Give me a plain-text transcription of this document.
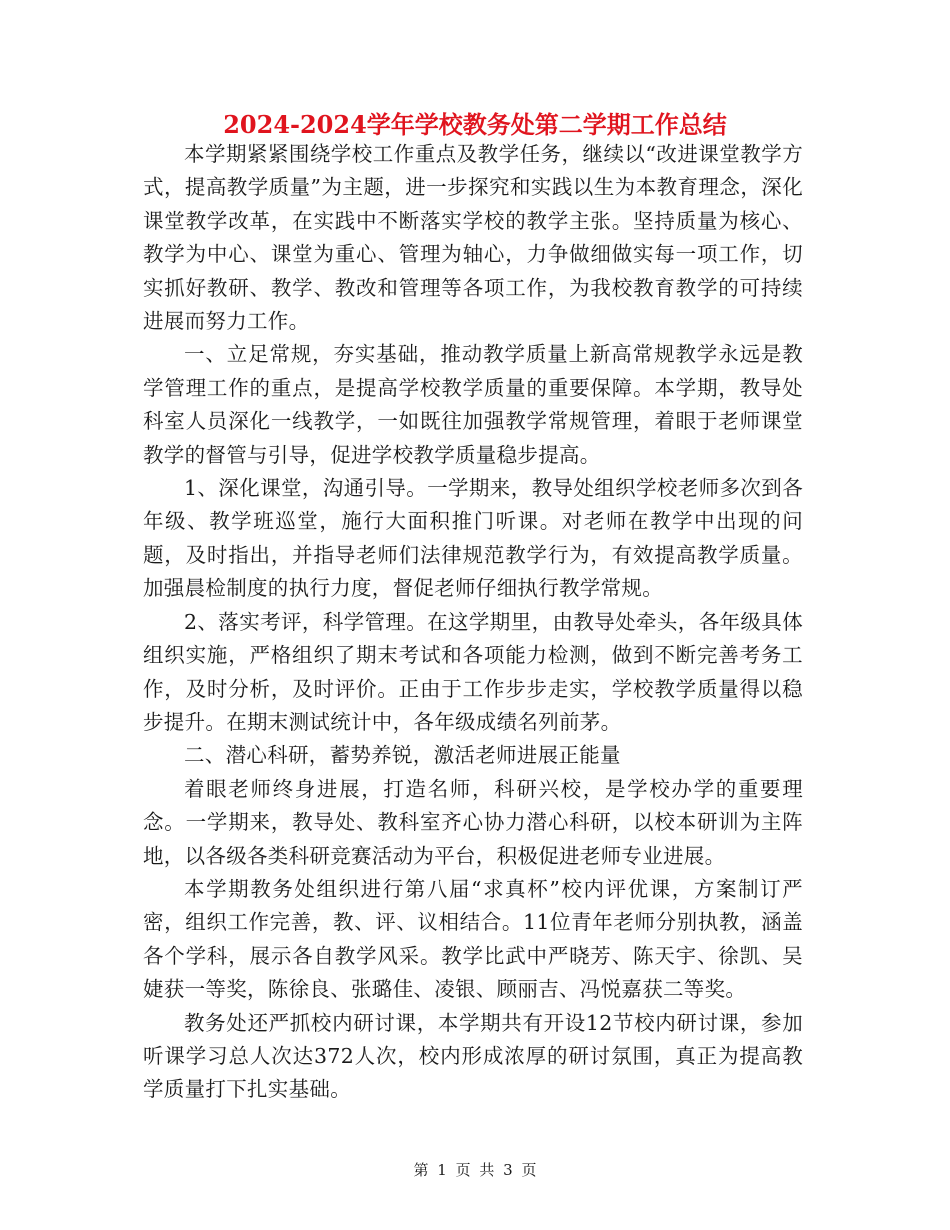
2024-2024学年学校教务处第二学期工作总结

本学期紧紧围绕学校工作重点及教学任务，继续以“改进课堂教学方式，提高教学质量”为主题，进一步探究和实践以生为本教育理念，深化课堂教学改革，在实践中不断落实学校的教学主张。坚持质量为核心、教学为中心、课堂为重心、管理为轴心，力争做细做实每一项工作，切实抓好教研、教学、教改和管理等各项工作，为我校教育教学的可持续进展而努力工作。

一、立足常规，夯实基础，推动教学质量上新高常规教学永远是教学管理工作的重点，是提高学校教学质量的重要保障。本学期，教导处科室人员深化一线教学，一如既往加强教学常规管理，着眼于老师课堂教学的督管与引导，促进学校教学质量稳步提高。

1、深化课堂，沟通引导。一学期来，教导处组织学校老师多次到各年级、教学班巡堂，施行大面积推门听课。对老师在教学中出现的问题，及时指出，并指导老师们法律规范教学行为，有效提高教学质量。加强晨检制度的执行力度，督促老师仔细执行教学常规。

2、落实考评，科学管理。在这学期里，由教导处牵头，各年级具体组织实施，严格组织了期末考试和各项能力检测，做到不断完善考务工作，及时分析，及时评价。正由于工作步步走实，学校教学质量得以稳步提升。在期末测试统计中，各年级成绩名列前茅。

二、潜心科研，蓄势养锐，激活老师进展正能量

着眼老师终身进展，打造名师，科研兴校，是学校办学的重要理念。一学期来，教导处、教科室齐心协力潜心科研，以校本研训为主阵地，以各级各类科研竞赛活动为平台，积极促进老师专业进展。

本学期教务处组织进行第八届“求真杯”校内评优课，方案制订严密，组织工作完善，教、评、议相结合。11位青年老师分别执教，涵盖各个学科，展示各自教学风采。教学比武中严晓芳、陈天宇、徐凯、吴婕获一等奖，陈徐良、张璐佳、凌银、顾丽吉、冯悦嘉获二等奖。

教务处还严抓校内研讨课，本学期共有开设12节校内研讨课，参加听课学习总人次达372人次，校内形成浓厚的研讨氛围，真正为提高教学质量打下扎实基础。

第 1 页 共 3 页
